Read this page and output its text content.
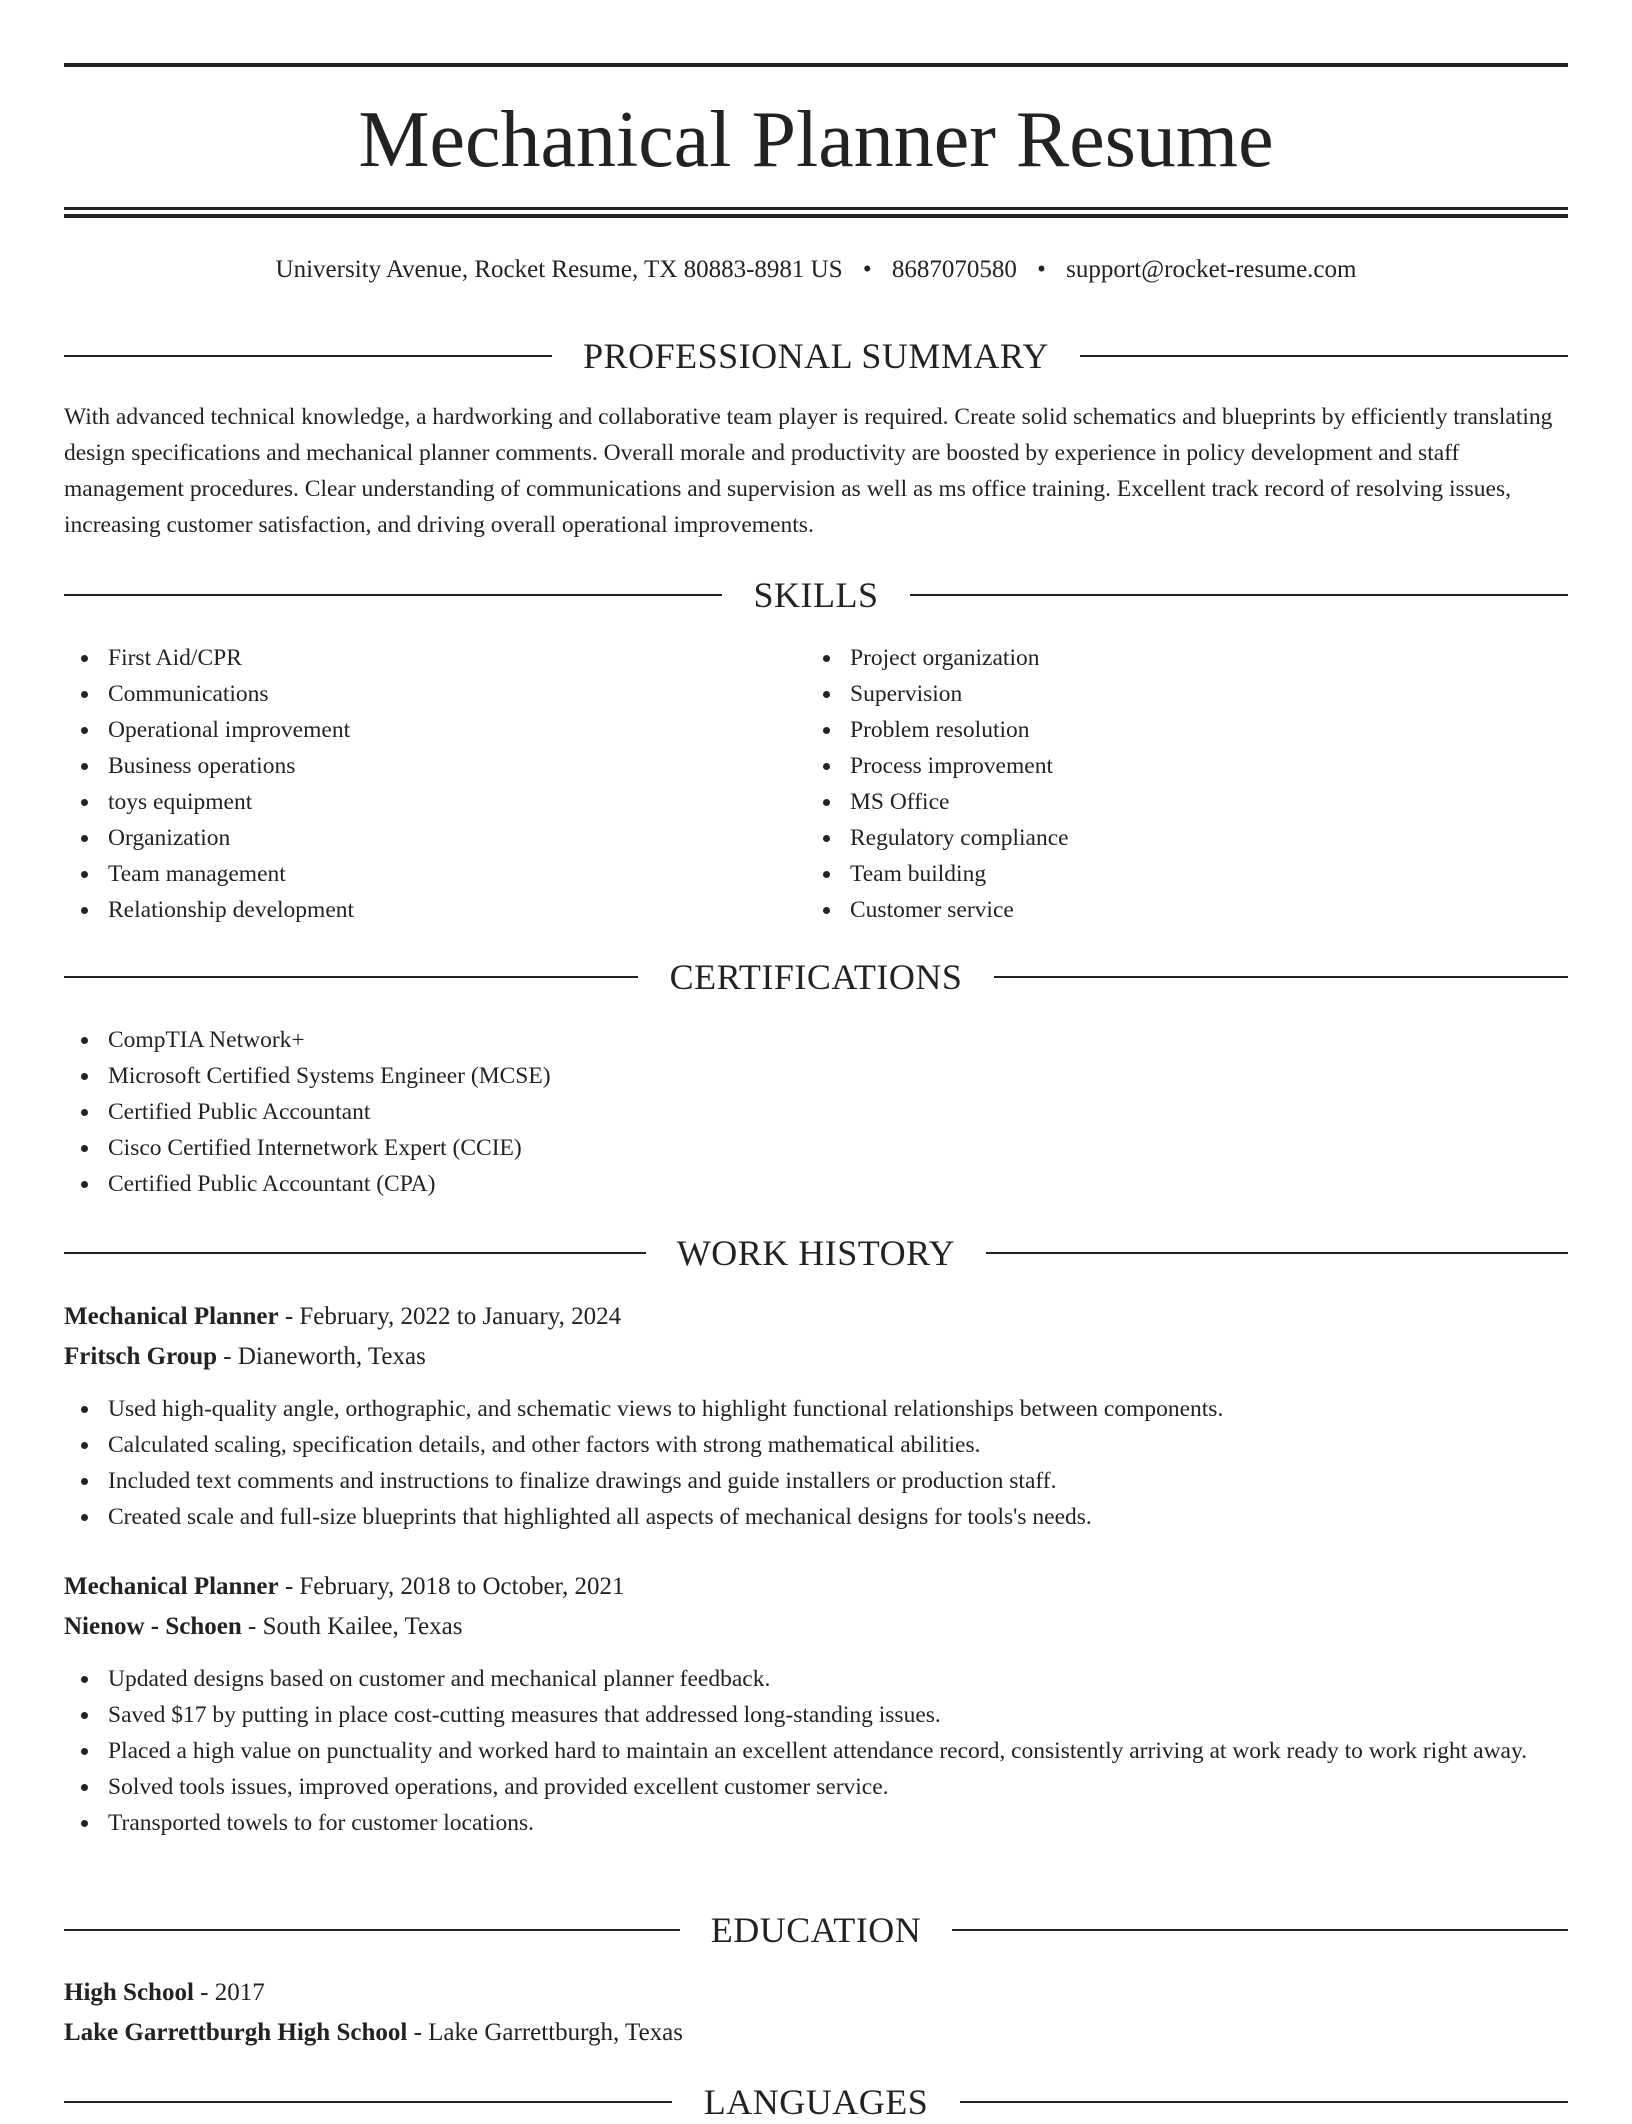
Mechanical Planner Resume
University Avenue, Rocket Resume, TX 80883-8981 US • 8687070580 • support@rocket-resume.com
PROFESSIONAL SUMMARY

With advanced technical knowledge, a hardworking and collaborative team player is required. Create solid schematics and blueprints by efficiently translating design specifications and mechanical planner comments. Overall morale and productivity are boosted by experience in policy development and staff management procedures. Clear understanding of communications and supervision as well as ms office training. Excellent track record of resolving issues, increasing customer satisfaction, and driving overall operational improvements.

SKILLS
First Aid/CPR
Communications
Operational improvement
Business operations
toys equipment
Organization
Team management
Relationship development
Project organization
Supervision
Problem resolution
Process improvement
MS Office
Regulatory compliance
Team building
Customer service
CERTIFICATIONS
CompTIA Network+
Microsoft Certified Systems Engineer (MCSE)
Certified Public Accountant
Cisco Certified Internetwork Expert (CCIE)
Certified Public Accountant (CPA)
WORK HISTORY
Mechanical Planner - February, 2022 to January, 2024
Fritsch Group - Dianeworth, Texas
Used high-quality angle, orthographic, and schematic views to highlight functional relationships between components.
Calculated scaling, specification details, and other factors with strong mathematical abilities.
Included text comments and instructions to finalize drawings and guide installers or production staff.
Created scale and full-size blueprints that highlighted all aspects of mechanical designs for tools's needs.
Mechanical Planner - February, 2018 to October, 2021
Nienow - Schoen - South Kailee, Texas
Updated designs based on customer and mechanical planner feedback.
Saved $17 by putting in place cost-cutting measures that addressed long-standing issues.
Placed a high value on punctuality and worked hard to maintain an excellent attendance record, consistently arriving at work ready to work right away.
Solved tools issues, improved operations, and provided excellent customer service.
Transported towels to for customer locations.
EDUCATION
High School - 2017
Lake Garrettburgh High School - Lake Garrettburgh, Texas
LANGUAGES
